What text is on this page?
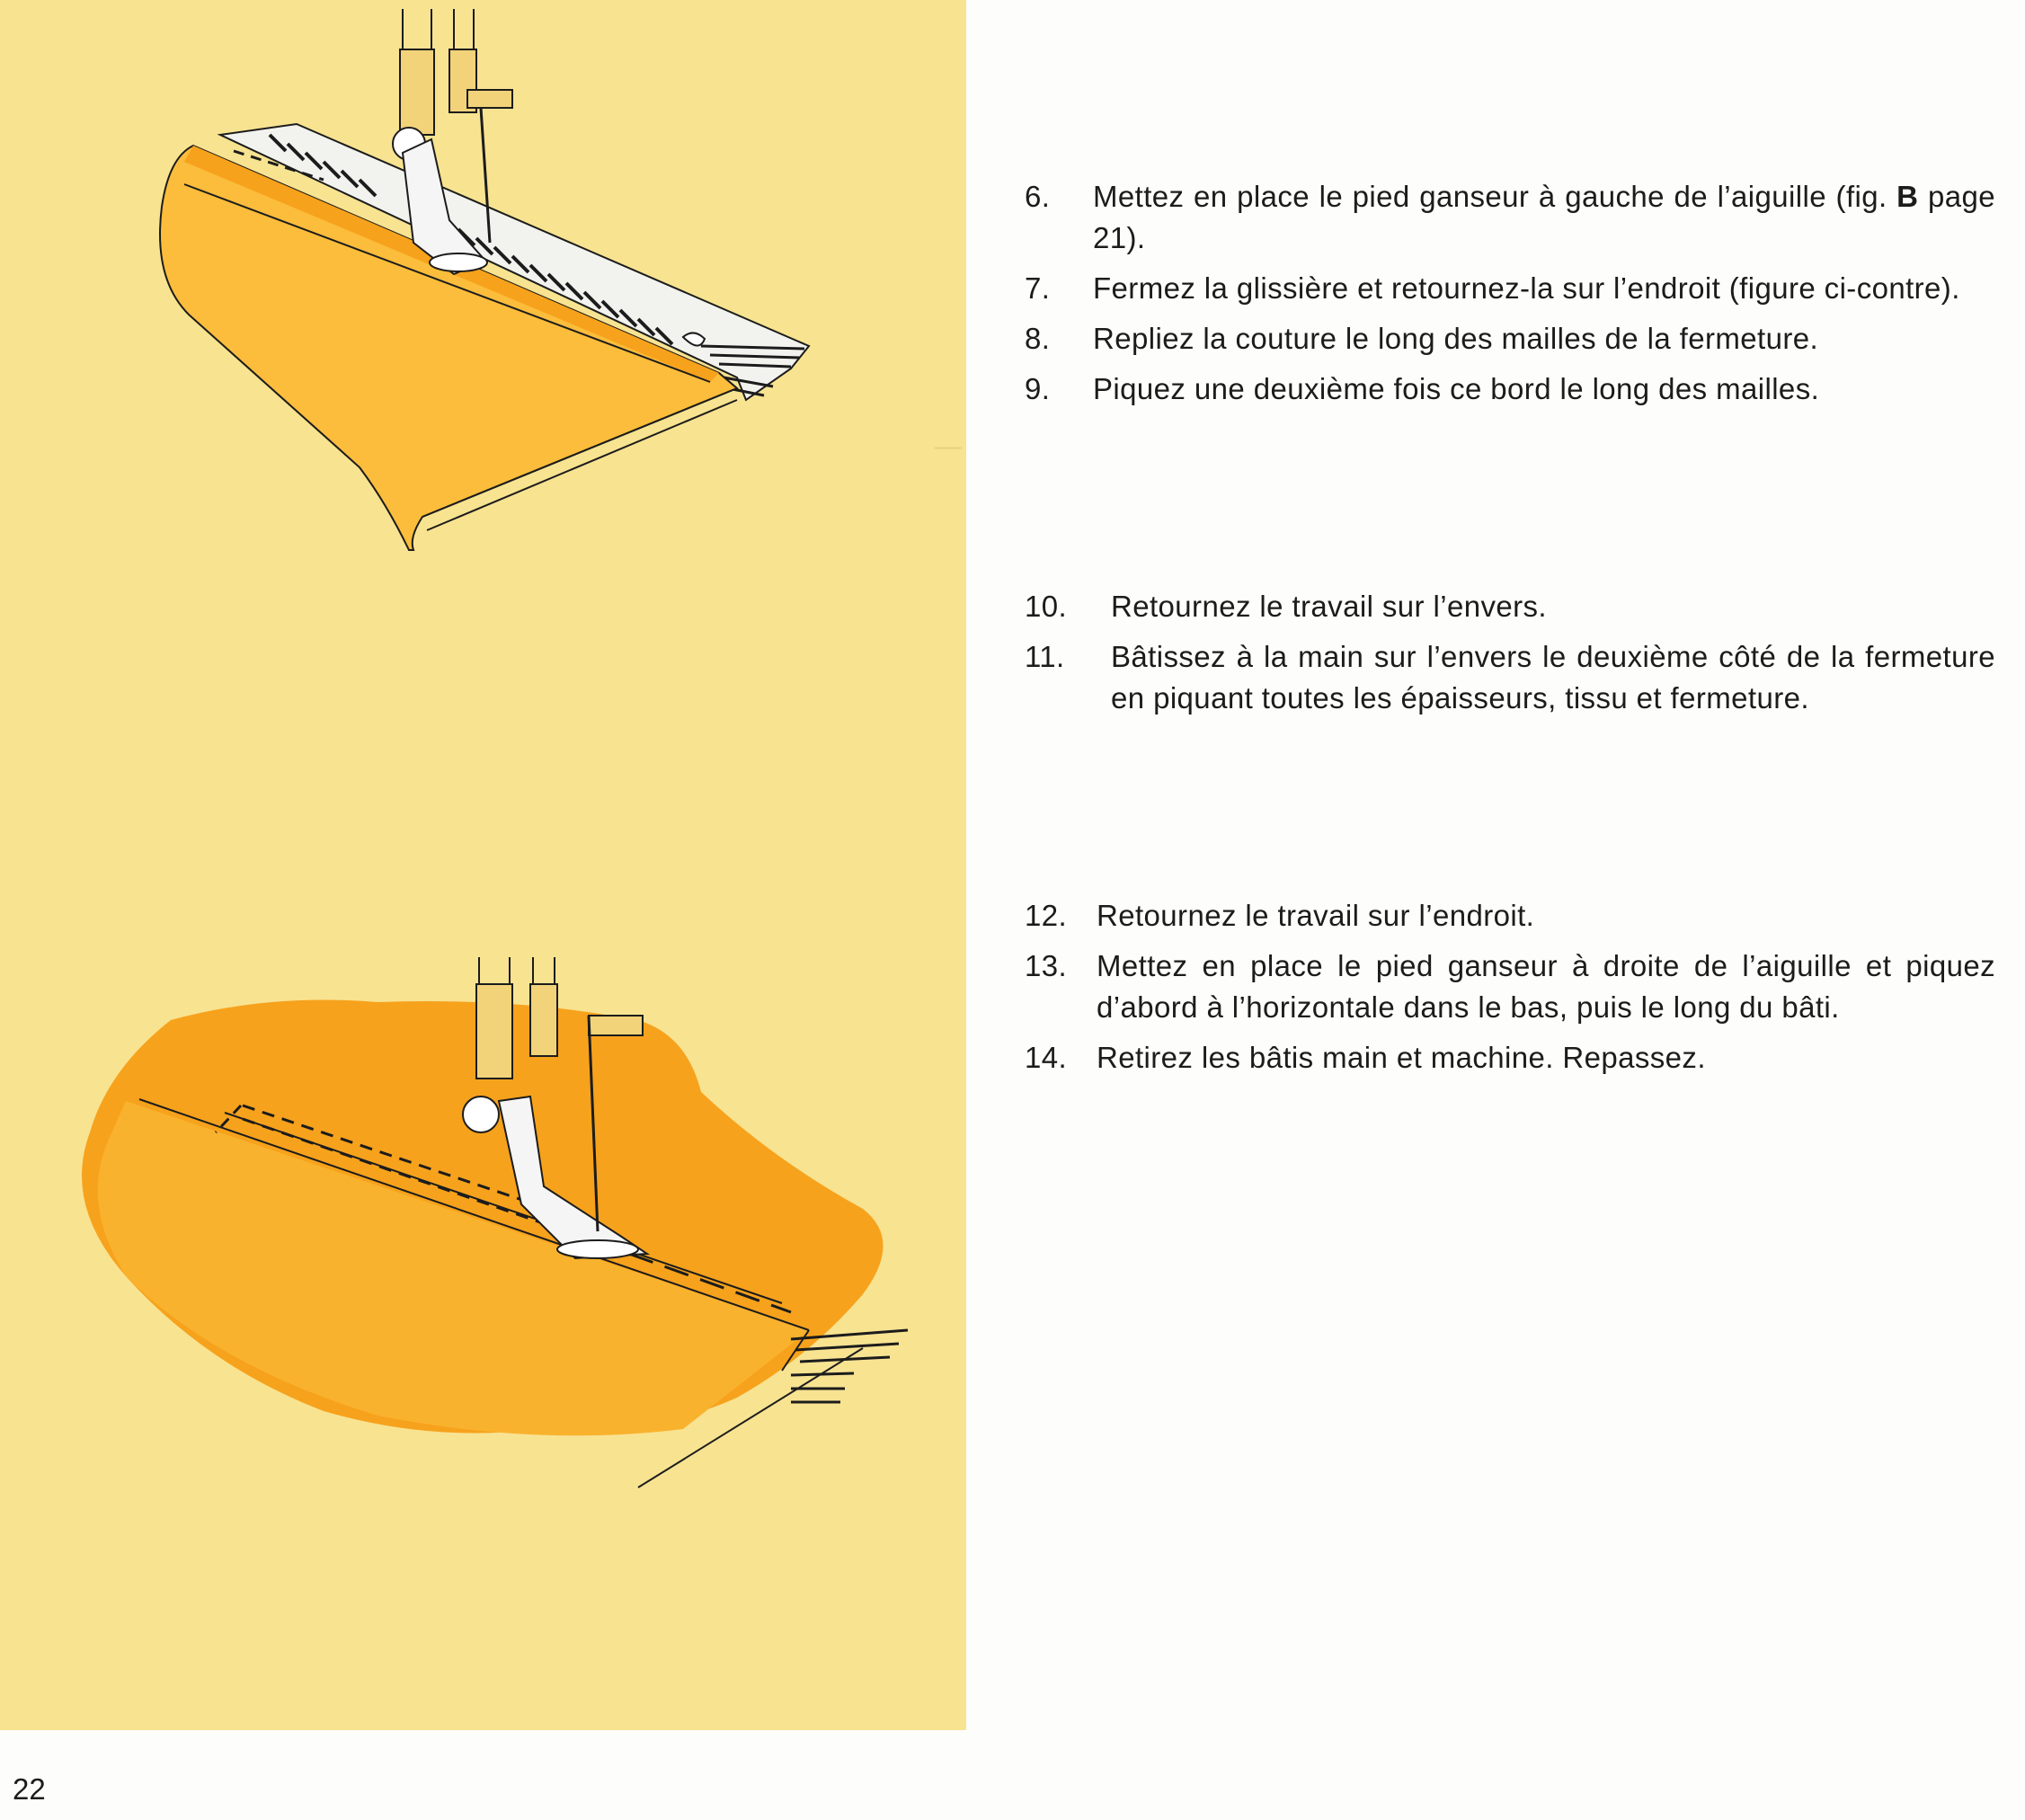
—
6. Mettez en place le pied ganseur à gauche de l’aiguille (fig. B page 21).
7. Fermez la glissière et retournez-la sur l’endroit (figure ci-contre).
8. Repliez la couture le long des mailles de la fermeture.
9. Piquez une deuxième fois ce bord le long des mailles.
10. Retournez le travail sur l’envers.
11. Bâtissez à la main sur l’envers le deuxième côté de la fermeture en piquant toutes les épaisseurs, tissu et fermeture.
12. Retournez le travail sur l’endroit.
13. Mettez en place le pied ganseur à droite de l’aiguille et piquez d’abord à l’horizontale dans le bas, puis le long du bâti.
14. Retirez les bâtis main et machine. Repassez.
22
